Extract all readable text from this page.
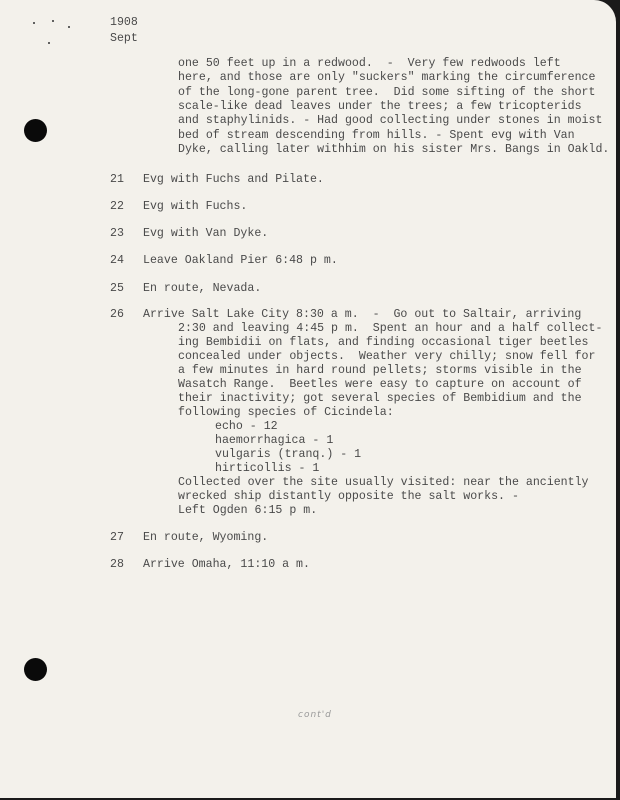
1908
Sept
one 50 feet up in a redwood.  -  Very few redwoods left
here, and those are only "suckers" marking the circumference
of the long-gone parent tree.  Did some sifting of the short
scale-like dead leaves under the trees; a few tricopterids
and staphylinids. - Had good collecting under stones in moist
bed of stream descending from hills. - Spent evg with Van
Dyke, calling later withhim on his sister Mrs. Bangs in Oakld.
21 Evg with Fuchs and Pilate.
22 Evg with Fuchs.
23 Evg with Van Dyke.
24 Leave Oakland Pier 6:48 p m.
25 En route, Nevada.
26 Arrive Salt Lake City 8:30 a m.  -  Go out to Saltair, arriving
2:30 and leaving 4:45 p m.  Spent an hour and a half collect-
ing Bembidii on flats, and finding occasional tiger beetles
concealed under objects.  Weather very chilly; snow fell for
a few minutes in hard round pellets; storms visible in the
Wasatch Range.  Beetles were easy to capture on account of
their inactivity; got several species of Bembidium and the
following species of Cicindela:
echo - 12
haemorrhagica - 1
vulgaris (tranq.) - 1
hirticollis - 1
Collected over the site usually visited: near the anciently
wrecked ship distantly opposite the salt works. -
Left Ogden 6:15 p m.
27 En route, Wyoming.
28 Arrive Omaha, 11:10 a m.
cont'd
